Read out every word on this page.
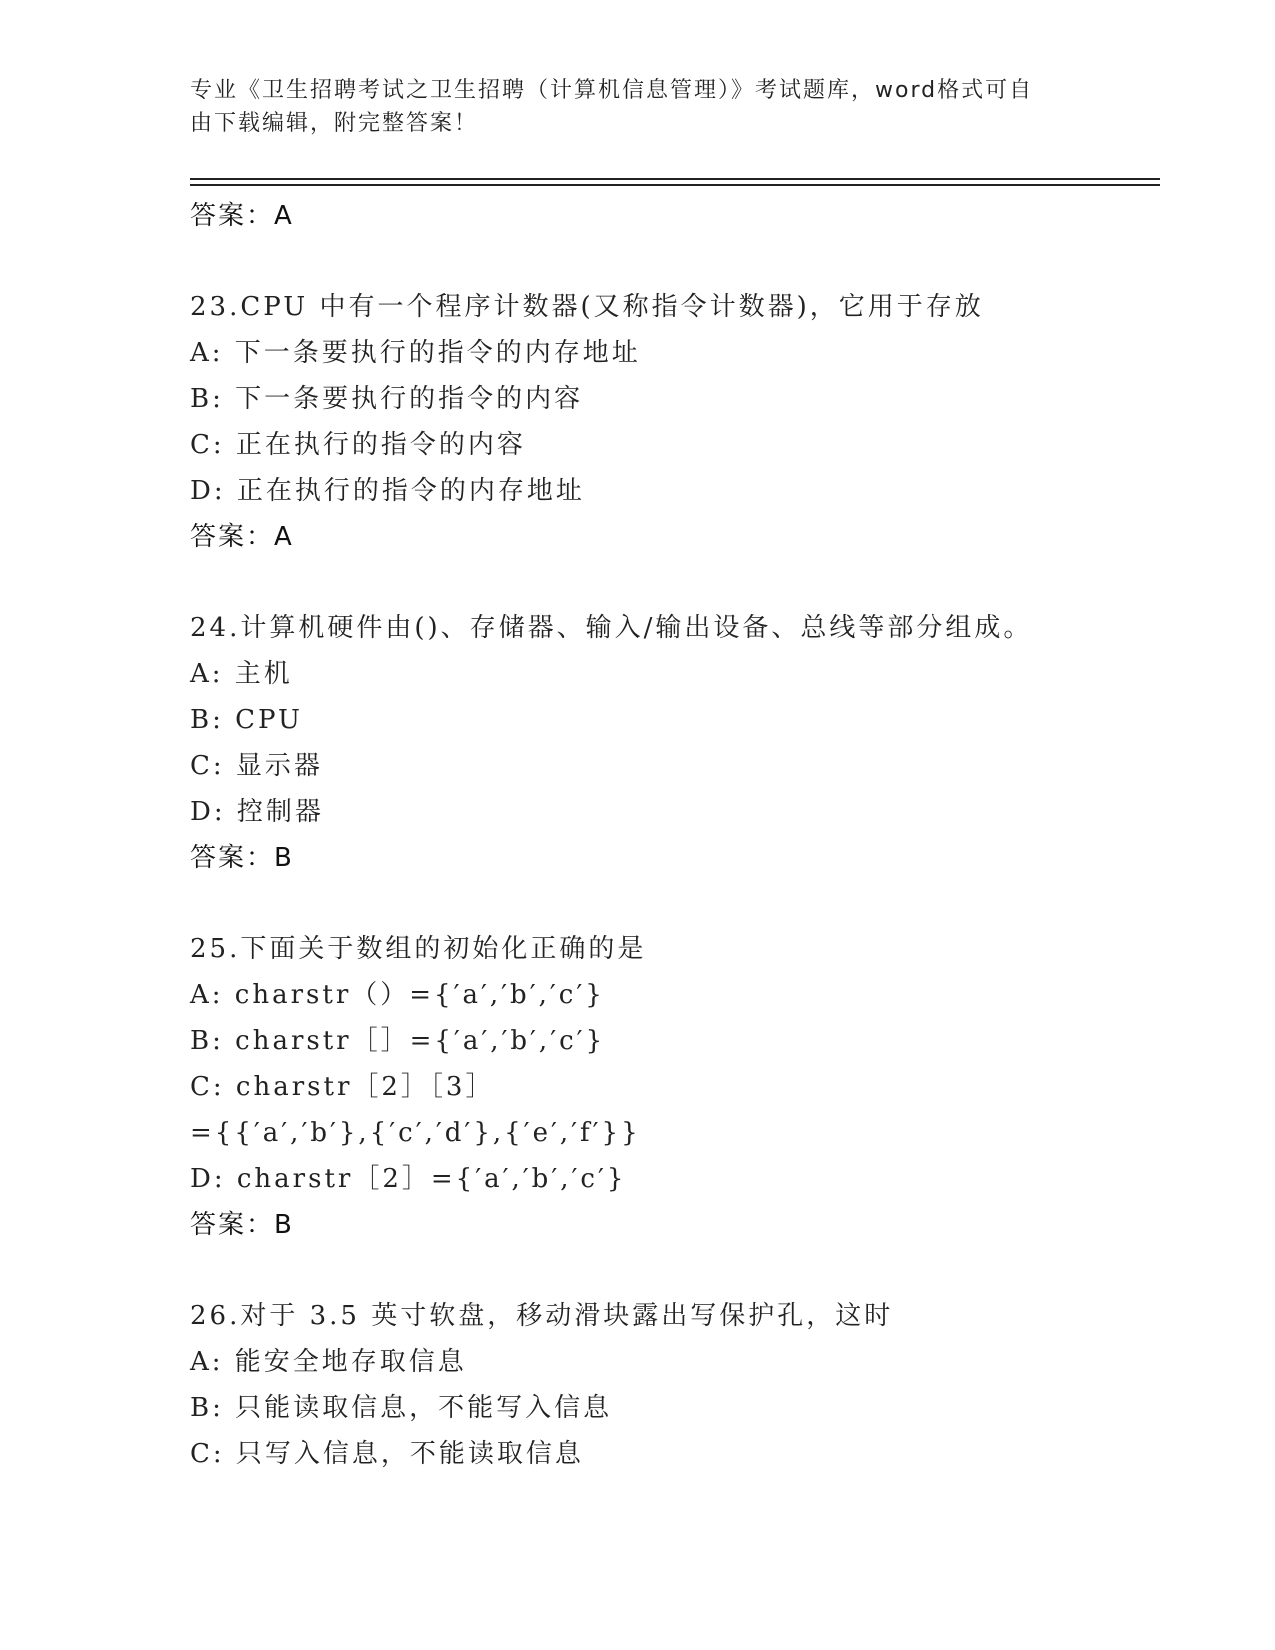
专业《卫生招聘考试之卫生招聘（计算机信息管理）》考试题库，word格式可自

由下载编辑，附完整答案！

答案：A
23.CPU 中有一个程序计数器(又称指令计数器)，它用于存放
A: 下一条要执行的指令的内存地址
B: 下一条要执行的指令的内容
C: 正在执行的指令的内容
D: 正在执行的指令的内存地址
答案：A
24.计算机硬件由()、存储器、输入/输出设备、总线等部分组成。
A: 主机
B: CPU
C: 显示器
D: 控制器
答案：B
25.下面关于数组的初始化正确的是
A: charstr（）={′a′,′b′,′c′}
B: charstr［］={′a′,′b′,′c′}
C: charstr［2］［3］
={{′a′,′b′},{′c′,′d′},{′e′,′f′}}
D: charstr［2］={′a′,′b′,′c′}
答案：B
26.对于 3.5 英寸软盘，移动滑块露出写保护孔，这时
A: 能安全地存取信息
B: 只能读取信息，不能写入信息
C: 只写入信息，不能读取信息
